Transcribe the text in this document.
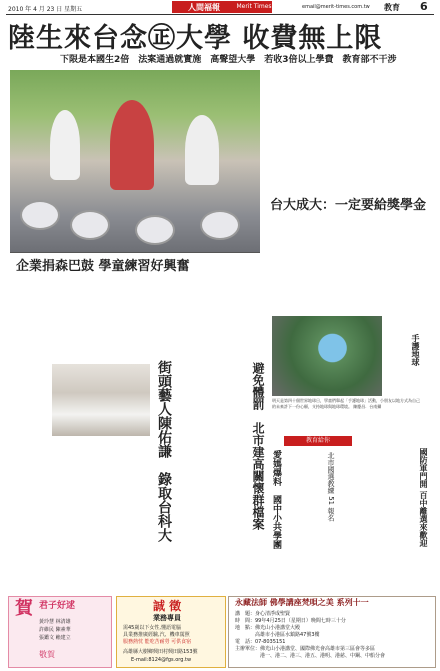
2010 年 4 月 23 日 星期五	人間福報	Merit Times	email@merit-times.com.tw 教育 6
陸生來台念㊣大學 收費無上限
下限是本國生2倍　法案通過就實施　高聲望大學　若收3倍以上學費　教育部不干涉
企業捐森巴鼓 學童練習好興奮
台大成大：一定要給獎學金
手護地球
明天是第四十個世界地球日，學童們舉起「手護地球」活動，小朋友以地方式為自己的未來許下一份心願，支持地球與地球環境。 陳慶昌．台南攝
街頭藝人陳佑謙　錄取台科大	避免體罰　北市建高關懷群檔案	教育給你
愛媽爆料　國中小共學團	北市國選教練 51 報名	國防軍門開 百中離選來歡迎
賀 君子好逑
黃玲慧 林清雄
許維民 陳素華
張鑑文 賴建立
敬賀
誠 徵
業務專員
需45歲以下女性,懂語電腦
具業務推廣經驗,汽、機車駕照
服務熱忱 能吃苦耐勞 可供食宿
高雄縣大樹鄉興田村興田路153號
E-mail:8124@fgs.org.tw
永藏法師 佛學講座梵唄之美 系列十一
講　題：身心清淨成聖賢
時　間：99年4月25日（星期日）晚間七時三十分
地　點：佛光山小港講堂大殿
　　　　高雄市小港區水鎮路47號3樓
電　話：07-8035151
主辦單位：佛光山小港講堂、國際佛光會高雄市第三區會等多區
　　　　　港一、港二、港三、港五、港明、港慈、中鋼、中船分會
